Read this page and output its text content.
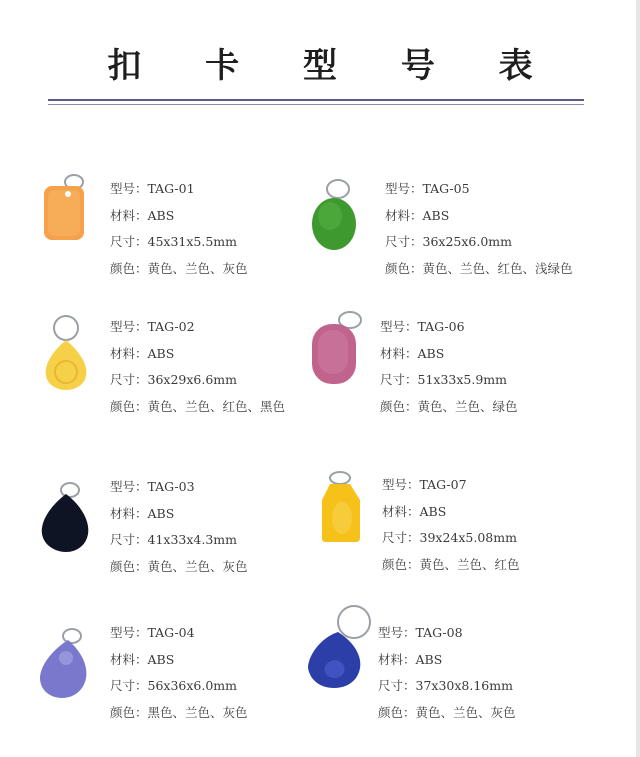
扣 卡 型 号 表
型号：TAG-01
材料：ABS
尺寸：45x31x5.5mm
颜色：黄色、兰色、灰色
型号：TAG-05
材料：ABS
尺寸：36x25x6.0mm
颜色：黄色、兰色、红色、浅绿色
型号：TAG-02
材料：ABS
尺寸：36x29x6.6mm
颜色：黄色、兰色、红色、黑色
型号：TAG-06
材料：ABS
尺寸：51x33x5.9mm
颜色：黄色、兰色、绿色
型号：TAG-03
材料：ABS
尺寸：41x33x4.3mm
颜色：黄色、兰色、灰色
型号：TAG-07
材料：ABS
尺寸：39x24x5.08mm
颜色：黄色、兰色、红色
型号：TAG-04
材料：ABS
尺寸：56x36x6.0mm
颜色：黑色、兰色、灰色
型号：TAG-08
材料：ABS
尺寸：37x30x8.16mm
颜色：黄色、兰色、灰色
